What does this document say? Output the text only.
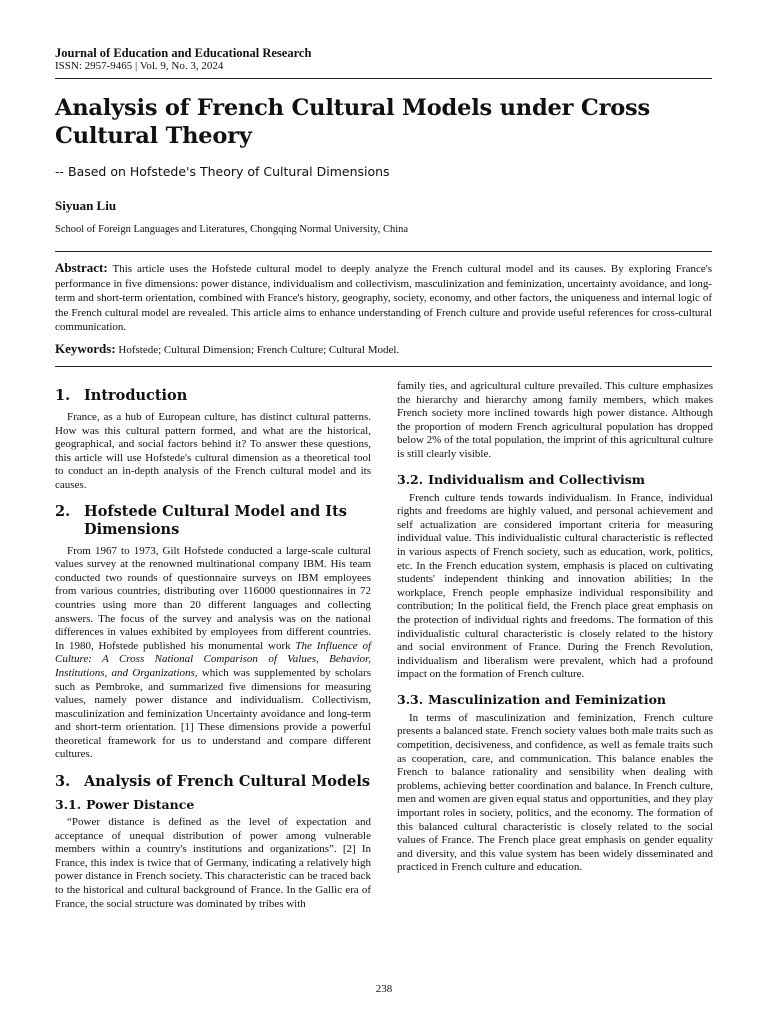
Journal of Education and Educational Research
ISSN: 2957-9465 | Vol. 9, No. 3, 2024
Analysis of French Cultural Models under Cross Cultural Theory
-- Based on Hofstede's Theory of Cultural Dimensions
Siyuan Liu
School of Foreign Languages and Literatures, Chongqing Normal University, China

Abstract: This article uses the Hofstede cultural model to deeply analyze the French cultural model and its causes. By exploring France's performance in five dimensions: power distance, individualism and collectivism, masculinization and feminization, uncertainty avoidance, and long-term and short-term orientation, combined with France's history, geography, society, economy, and other factors, the uniqueness and internal logic of the French cultural model are revealed. This article aims to enhance understanding of French culture and provide useful references for cross-cultural communication.

Keywords: Hofstede; Cultural Dimension; French Culture; Cultural Model.

1. Introduction

France, as a hub of European culture, has distinct cultural patterns. How was this cultural pattern formed, and what are the historical, geographical, and social factors behind it? To answer these questions, this article will use Hofstede's cultural dimension as a theoretical tool to conduct an in-depth analysis of the French cultural model and its causes.

2. Hofstede Cultural Model and Its Dimensions

From 1967 to 1973, Gilt Hofstede conducted a large-scale cultural values survey at the renowned multinational company IBM. His team conducted two rounds of questionnaire surveys on IBM employees from various countries, distributing over 116000 questionnaires in 72 countries using more than 20 different languages and collecting answers. The focus of the survey and analysis was on the national differences in values exhibited by employees from different countries. In 1980, Hofstede published his monumental work The Influence of Culture: A Cross National Comparison of Values, Behavior, Institutions, and Organizations, which was supplemented by scholars such as Pembroke, and summarized five dimensions for measuring values, namely power distance and individualism. Collectivism, masculinization and feminization Uncertainty avoidance and long-term and short-term orientation. [1] These dimensions provide a powerful theoretical framework for us to understand and compare different cultures.

3. Analysis of French Cultural Models
3.1. Power Distance

“Power distance is defined as the level of expectation and acceptance of unequal distribution of power among vulnerable members within a country's institutions and organizations”. [2] In France, this index is twice that of Germany, indicating a relatively high power distance in French society. This characteristic can be traced back to the historical and cultural background of France. In the Gallic era of France, the social structure was dominated by tribes with

family ties, and agricultural culture prevailed. This culture emphasizes the hierarchy and hierarchy among family members, which makes French society more inclined towards high power distance. Although the proportion of modern French agricultural population has dropped below 2% of the total population, the imprint of this agricultural culture is still clearly visible.

3.2. Individualism and Collectivism

French culture tends towards individualism. In France, individual rights and freedoms are highly valued, and personal achievement and self actualization are considered important criteria for measuring individual value. This individualistic cultural characteristic is reflected in various aspects of French society, such as education, work, politics, etc. In the French education system, emphasis is placed on cultivating students' independent thinking and innovation abilities; In the workplace, French people emphasize individual responsibility and contribution; In the political field, the French place great emphasis on the protection of individual rights and freedoms. The formation of this individualistic cultural characteristic is closely related to the history and social environment of France. During the French Revolution, individualism and liberalism were prevalent, which had a profound impact on the formation of French culture.

3.3. Masculinization and Feminization

In terms of masculinization and feminization, French culture presents a balanced state. French society values both male traits such as competition, decisiveness, and confidence, as well as female traits such as cooperation, care, and communication. This balance enables the French to balance rationality and sensibility when dealing with problems, achieving better coordination and balance. In French culture, men and women are given equal status and opportunities, and they play important roles in society, politics, and the economy. The formation of this balanced cultural characteristic is closely related to the social values of France. The French place great emphasis on gender equality and diversity, and this value system has been widely disseminated and practiced in French culture and education.

238
